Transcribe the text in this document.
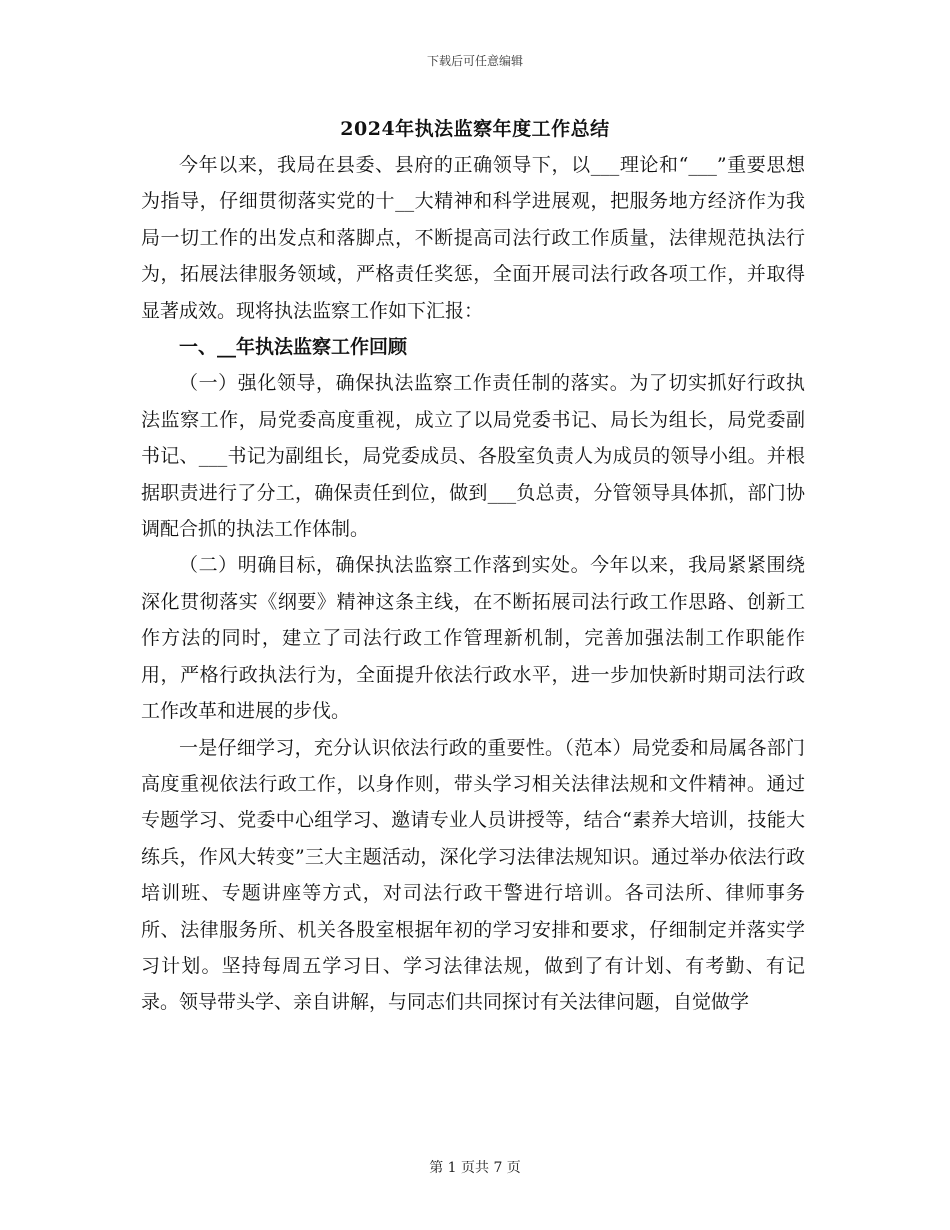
下载后可任意编辑
2024年执法监察年度工作总结

今年以来，我局在县委、县府的正确领导下，以___理论和“___”重要思想为指导，仔细贯彻落实党的十__大精神和科学进展观，把服务地方经济作为我局一切工作的出发点和落脚点，不断提高司法行政工作质量，法律规范执法行为，拓展法律服务领域，严格责任奖惩，全面开展司法行政各项工作，并取得显著成效。现将执法监察工作如下汇报：

一、__年执法监察工作回顾

（一）强化领导，确保执法监察工作责任制的落实。为了切实抓好行政执法监察工作，局党委高度重视，成立了以局党委书记、局长为组长，局党委副书记、___书记为副组长，局党委成员、各股室负责人为成员的领导小组。并根据职责进行了分工，确保责任到位，做到___负总责，分管领导具体抓，部门协调配合抓的执法工作体制。

（二）明确目标，确保执法监察工作落到实处。今年以来，我局紧紧围绕深化贯彻落实《纲要》精神这条主线，在不断拓展司法行政工作思路、创新工作方法的同时，建立了司法行政工作管理新机制，完善加强法制工作职能作用，严格行政执法行为，全面提升依法行政水平，进一步加快新时期司法行政工作改革和进展的步伐。

一是仔细学习，充分认识依法行政的重要性。（范本）局党委和局属各部门高度重视依法行政工作，以身作则，带头学习相关法律法规和文件精神。通过专题学习、党委中心组学习、邀请专业人员讲授等，结合“素养大培训，技能大练兵，作风大转变”三大主题活动，深化学习法律法规知识。通过举办依法行政培训班、专题讲座等方式，对司法行政干警进行培训。各司法所、律师事务所、法律服务所、机关各股室根据年初的学习安排和要求，仔细制定并落实学习计划。坚持每周五学习日、学习法律法规，做到了有计划、有考勤、有记录。领导带头学、亲自讲解，与同志们共同探讨有关法律问题，自觉做学

第 1 页共 7 页
